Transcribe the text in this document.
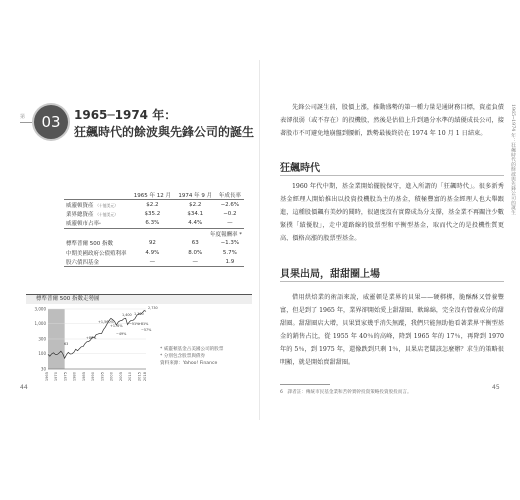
第 03 1965─1974 年：
狂飆時代的餘波與先鋒公司的誕生
	1965 年 12 月	1974 年 9 月	年成長率
威靈頓資產 （十億美元）	$2.2	$2.2	−2.6%
業界總資產 （十億美元）	$35.2	$34.1	−0.2
威靈頓市占率*	6.3%	4.4%	—
年度報酬率 *			
標準普爾 500 指數	92	63	−1.3%
中期美國政府公債殖利率	4.9%	8.0%	5.7%
股六債四基金	—	—	1.9
標準普爾 500 指數走勢圖
3,000
1,000
300
100
30
1965 1970 1975 1980 1985 1990 1995 2000 2005 2010 2015 2018
2,730
1,400 1,100
−51%
−49%
−57%
+1,560%
+176%	+81%
63
+89%
* 威靈頓基金占美國公司的股票
* 分別包含股票與債券
資料來源：Yahoo! Finance
44
1965─1974 年：狂飆時代的餘波與先鋒公司的誕生
先鋒公司誕生前，股價上漲，推動盛勢的第一種力量是通財務目標，資產負債表卻很弱（或不存在）的投機股，然後是估值上升到過分水準的績優成長公司，接著股市不可避免地崩盤到腰斬，跌勢最後終於在 1974 年 10 月 1 日結束。
狂飆時代
1960 年代中期，基金業開始擺脫保守，進入所謂的「狂飆時代」。很多新秀基金經理人開始推出以投資投機股為主的基金，積極豐富的基金經理人也大舉跟進，這種股價飆有美妙的聞時，很過度沒有實際成為分支撐，基金業不再關注少數緊撲「績優股」，走中道路線的股票型和平衡型基金，取而代之的是投機性質更高、價格高漲的股票型基金。
貝果出局，甜甜圈上場
借用烘焙業的術語來說，威靈頓是業界的貝果——硬梆梆，脆酥酥又營養豐富，但是到了 1965 年，業界卻開始愛上甜甜圈、軟綿綿，完全沒有營養成分的甜甜圈。甜甜圈店大增，貝果買家幾乎消失無蹤，我們只能無助他看著業界平衡型基金的銷售占比，從 1955 年 40％的高峰，降到 1965 年的 17％，再降到 1970 年的 5％，到 1975 年，還像跌到只剩 1％，貝果店老闆該怎麼辦？求生的策略很明顯，就是開始賣甜甜圈。
6　譯者註：傳統市民基金業和苦幹實幹投資策略投資股投而言。
45
